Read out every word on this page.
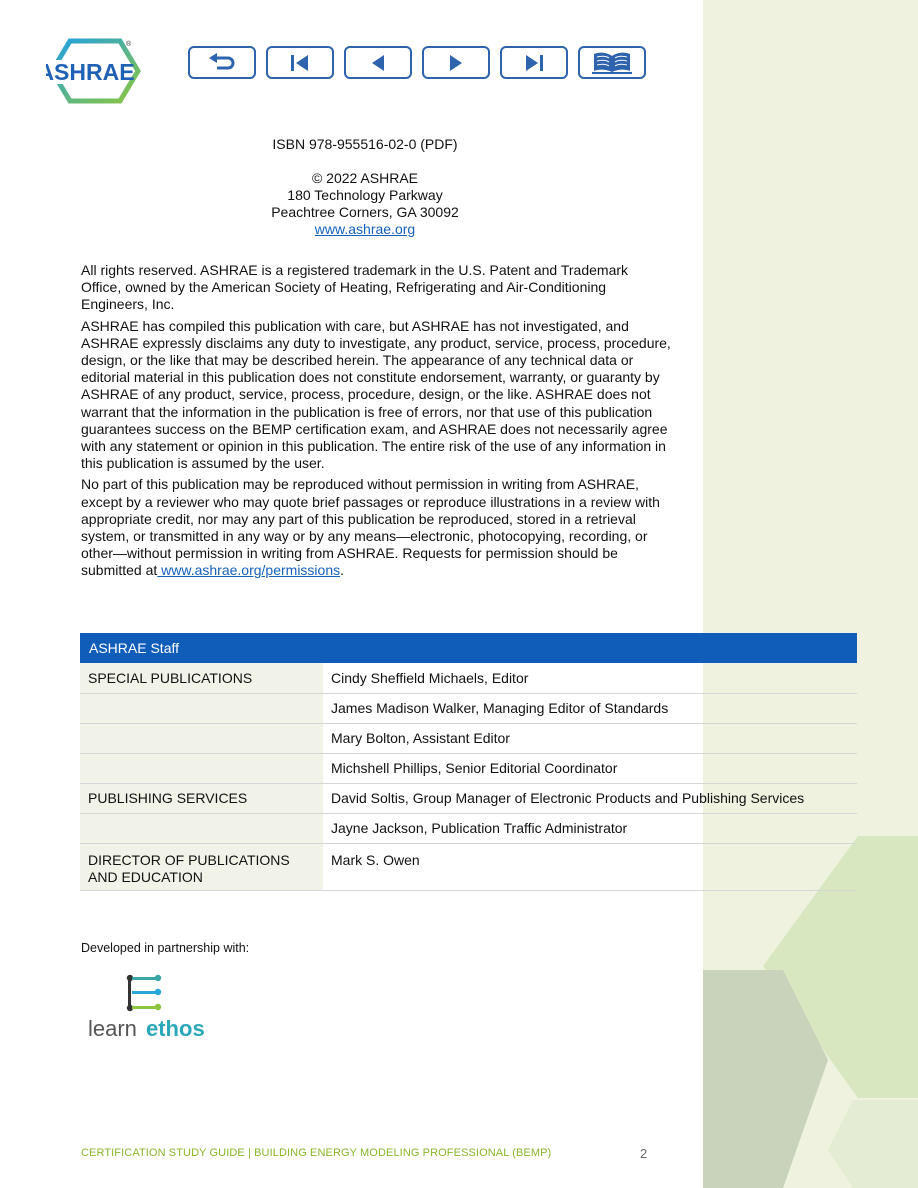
ASHRAE
®
ISBN 978-955516-02-0 (PDF)
© 2022 ASHRAE
180 Technology Parkway
Peachtree Corners, GA 30092
www.ashrae.org

All rights reserved. ASHRAE is a registered trademark in the U.S. Patent and Trademark Office, owned by the American Society of Heating, Refrigerating and Air-Conditioning Engineers, Inc.

ASHRAE has compiled this publication with care, but ASHRAE has not investigated, and ASHRAE expressly disclaims any duty to investigate, any product, service, process, procedure, design, or the like that may be described herein. The appearance of any technical data or editorial material in this publication does not constitute endorsement, warranty, or guaranty by ASHRAE of any product, service, process, procedure, design, or the like. ASHRAE does not warrant that the information in the publication is free of errors, nor that use of this publication guarantees success on the BEMP certification exam, and ASHRAE does not necessarily agree with any statement or opinion in this publication. The entire risk of the use of any information in this publication is assumed by the user.

No part of this publication may be reproduced without permission in writing from ASHRAE, except by a reviewer who may quote brief passages or reproduce illustrations in a review with appropriate credit, nor may any part of this publication be reproduced, stored in a retrieval system, or transmitted in any way or by any means—electronic, photocopying, recording, or other—without permission in writing from ASHRAE. Requests for permission should be submitted at www.ashrae.org/permissions.

ASHRAE Staff	
SPECIAL PUBLICATIONS	Cindy Sheffield Michaels, Editor
	James Madison Walker, Managing Editor of Standards
	Mary Bolton, Assistant Editor
	Michshell Phillips, Senior Editorial Coordinator
PUBLISHING SERVICES	David Soltis, Group Manager of Electronic Products and Publishing Services
	Jayne Jackson, Publication Traffic Administrator
DIRECTOR OF PUBLICATIONS AND EDUCATION	Mark S. Owen
Developed in partnership with:
learn ethos
CERTIFICATION STUDY GUIDE | BUILDING ENERGY MODELING PROFESSIONAL (BEMP)	2
